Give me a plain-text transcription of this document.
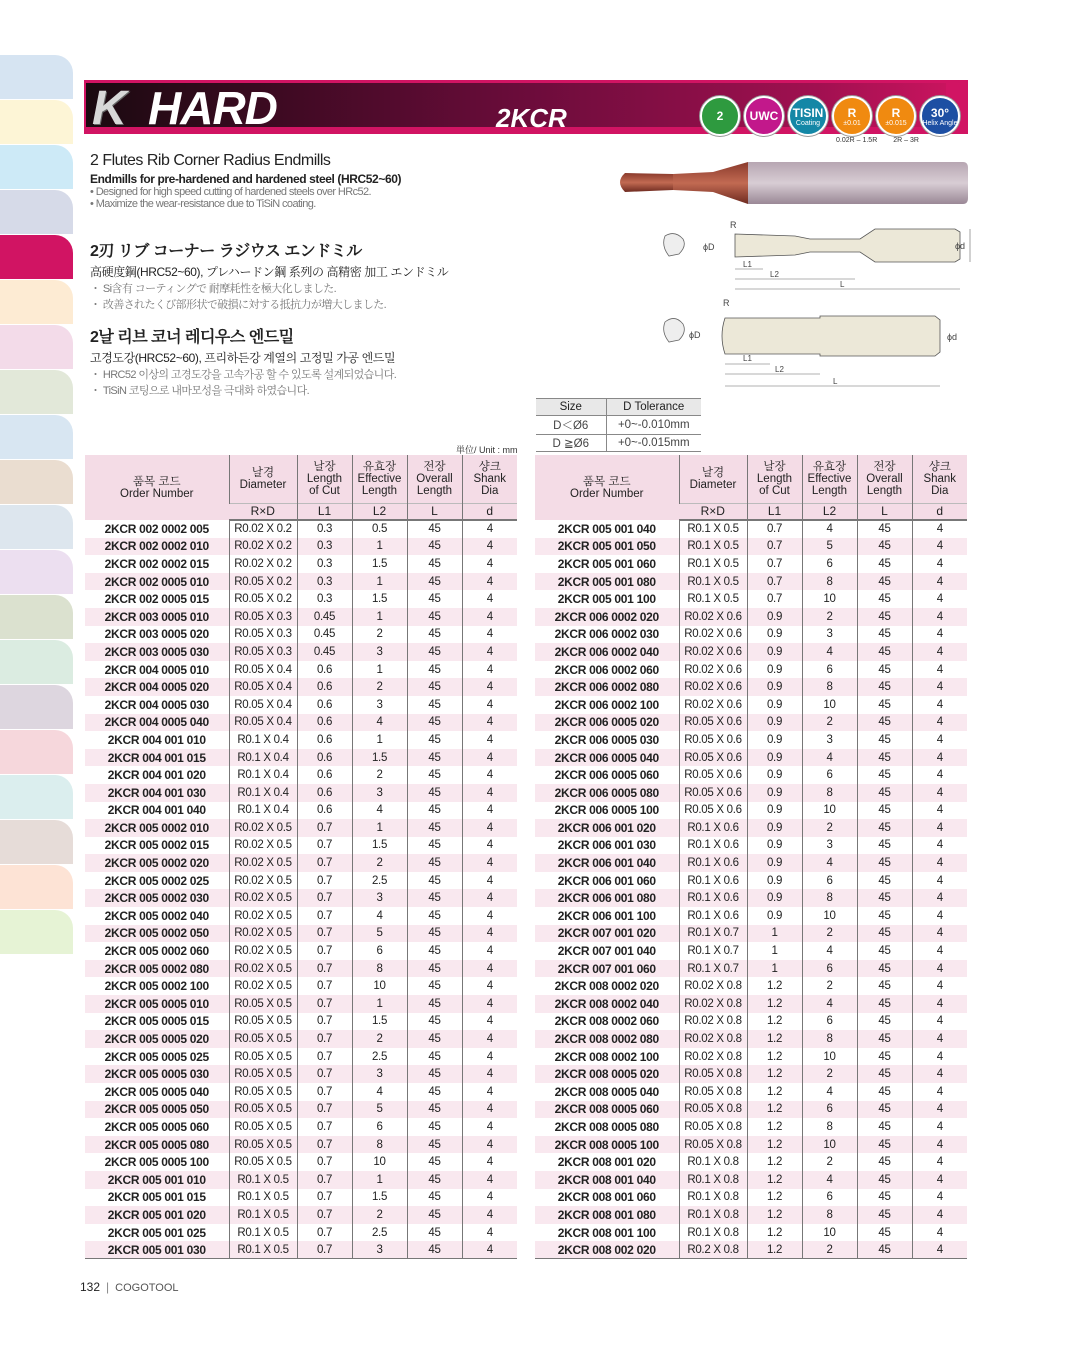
K HARD	2KCR	2 UWC TISIN
Coating
R
±0.01
R
±0.015
30°
Helix Angle
0.02R – 1.5R 2R – 3R
2 Flutes Rib Corner Radius Endmills
Endmills for pre-hardened and hardened steel (HRC52~60)
• Designed for high speed cutting of hardened steels over HRc52.
• Maximize the wear-resistance due to TiSiN coating.
2刃 リブ コーナー ラジウス エンドミル
高硬度鋼(HRC52~60), プレハードン鋼 系列の 高精密 加工 エンドミル
・ Si含有 コーティングで 耐摩耗性を極大化しました.
・ 改善されたくび部形状で破損に対する抵抗力が増大しました.
2날 리브 코너 레디우스 엔드밀
고경도강(HRC52~60), 프리하든강 계열의 고정밀 가공 엔드밀
・ HRC52 이상의 고경도강을 고속가공 할 수 있도록 설계되었습니다.
・ TiSiN 코팅으로 내마모성을 극대화 하였습니다.
R
ϕD
L1
L2
L
ϕd
R
ϕD
L1
L2
L
ϕd
Size	D Tolerance
D＜Ø6	+0~-0.010mm
D ≧Ø6	+0~-0.015mm
単位/ Unit : mm
품목 코드
Order Number	날경
Diameter	날장
Length
of Cut	유효장
Effective
Length	전장
Overall
Length	샹크
Shank
Dia
	R×D	L1	L2	L	d
2KCR 002 0002 005	R0.02 X 0.2	0.3	0.5	45	4
2KCR 002 0002 010	R0.02 X 0.2	0.3	1	45	4
2KCR 002 0002 015	R0.02 X 0.2	0.3	1.5	45	4
2KCR 002 0005 010	R0.05 X 0.2	0.3	1	45	4
2KCR 002 0005 015	R0.05 X 0.2	0.3	1.5	45	4
2KCR 003 0005 010	R0.05 X 0.3	0.45	1	45	4
2KCR 003 0005 020	R0.05 X 0.3	0.45	2	45	4
2KCR 003 0005 030	R0.05 X 0.3	0.45	3	45	4
2KCR 004 0005 010	R0.05 X 0.4	0.6	1	45	4
2KCR 004 0005 020	R0.05 X 0.4	0.6	2	45	4
2KCR 004 0005 030	R0.05 X 0.4	0.6	3	45	4
2KCR 004 0005 040	R0.05 X 0.4	0.6	4	45	4
2KCR 004 001 010	R0.1 X 0.4	0.6	1	45	4
2KCR 004 001 015	R0.1 X 0.4	0.6	1.5	45	4
2KCR 004 001 020	R0.1 X 0.4	0.6	2	45	4
2KCR 004 001 030	R0.1 X 0.4	0.6	3	45	4
2KCR 004 001 040	R0.1 X 0.4	0.6	4	45	4
2KCR 005 0002 010	R0.02 X 0.5	0.7	1	45	4
2KCR 005 0002 015	R0.02 X 0.5	0.7	1.5	45	4
2KCR 005 0002 020	R0.02 X 0.5	0.7	2	45	4
2KCR 005 0002 025	R0.02 X 0.5	0.7	2.5	45	4
2KCR 005 0002 030	R0.02 X 0.5	0.7	3	45	4
2KCR 005 0002 040	R0.02 X 0.5	0.7	4	45	4
2KCR 005 0002 050	R0.02 X 0.5	0.7	5	45	4
2KCR 005 0002 060	R0.02 X 0.5	0.7	6	45	4
2KCR 005 0002 080	R0.02 X 0.5	0.7	8	45	4
2KCR 005 0002 100	R0.02 X 0.5	0.7	10	45	4
2KCR 005 0005 010	R0.05 X 0.5	0.7	1	45	4
2KCR 005 0005 015	R0.05 X 0.5	0.7	1.5	45	4
2KCR 005 0005 020	R0.05 X 0.5	0.7	2	45	4
2KCR 005 0005 025	R0.05 X 0.5	0.7	2.5	45	4
2KCR 005 0005 030	R0.05 X 0.5	0.7	3	45	4
2KCR 005 0005 040	R0.05 X 0.5	0.7	4	45	4
2KCR 005 0005 050	R0.05 X 0.5	0.7	5	45	4
2KCR 005 0005 060	R0.05 X 0.5	0.7	6	45	4
2KCR 005 0005 080	R0.05 X 0.5	0.7	8	45	4
2KCR 005 0005 100	R0.05 X 0.5	0.7	10	45	4
2KCR 005 001 010	R0.1 X 0.5	0.7	1	45	4
2KCR 005 001 015	R0.1 X 0.5	0.7	1.5	45	4
2KCR 005 001 020	R0.1 X 0.5	0.7	2	45	4
2KCR 005 001 025	R0.1 X 0.5	0.7	2.5	45	4
2KCR 005 001 030	R0.1 X 0.5	0.7	3	45	4
품목 코드
Order Number	날경
Diameter	날장
Length
of Cut	유효장
Effective
Length	전장
Overall
Length	샹크
Shank
Dia
	R×D	L1	L2	L	d
2KCR 005 001 040	R0.1 X 0.5	0.7	4	45	4
2KCR 005 001 050	R0.1 X 0.5	0.7	5	45	4
2KCR 005 001 060	R0.1 X 0.5	0.7	6	45	4
2KCR 005 001 080	R0.1 X 0.5	0.7	8	45	4
2KCR 005 001 100	R0.1 X 0.5	0.7	10	45	4
2KCR 006 0002 020	R0.02 X 0.6	0.9	2	45	4
2KCR 006 0002 030	R0.02 X 0.6	0.9	3	45	4
2KCR 006 0002 040	R0.02 X 0.6	0.9	4	45	4
2KCR 006 0002 060	R0.02 X 0.6	0.9	6	45	4
2KCR 006 0002 080	R0.02 X 0.6	0.9	8	45	4
2KCR 006 0002 100	R0.02 X 0.6	0.9	10	45	4
2KCR 006 0005 020	R0.05 X 0.6	0.9	2	45	4
2KCR 006 0005 030	R0.05 X 0.6	0.9	3	45	4
2KCR 006 0005 040	R0.05 X 0.6	0.9	4	45	4
2KCR 006 0005 060	R0.05 X 0.6	0.9	6	45	4
2KCR 006 0005 080	R0.05 X 0.6	0.9	8	45	4
2KCR 006 0005 100	R0.05 X 0.6	0.9	10	45	4
2KCR 006 001 020	R0.1 X 0.6	0.9	2	45	4
2KCR 006 001 030	R0.1 X 0.6	0.9	3	45	4
2KCR 006 001 040	R0.1 X 0.6	0.9	4	45	4
2KCR 006 001 060	R0.1 X 0.6	0.9	6	45	4
2KCR 006 001 080	R0.1 X 0.6	0.9	8	45	4
2KCR 006 001 100	R0.1 X 0.6	0.9	10	45	4
2KCR 007 001 020	R0.1 X 0.7	1	2	45	4
2KCR 007 001 040	R0.1 X 0.7	1	4	45	4
2KCR 007 001 060	R0.1 X 0.7	1	6	45	4
2KCR 008 0002 020	R0.02 X 0.8	1.2	2	45	4
2KCR 008 0002 040	R0.02 X 0.8	1.2	4	45	4
2KCR 008 0002 060	R0.02 X 0.8	1.2	6	45	4
2KCR 008 0002 080	R0.02 X 0.8	1.2	8	45	4
2KCR 008 0002 100	R0.02 X 0.8	1.2	10	45	4
2KCR 008 0005 020	R0.05 X 0.8	1.2	2	45	4
2KCR 008 0005 040	R0.05 X 0.8	1.2	4	45	4
2KCR 008 0005 060	R0.05 X 0.8	1.2	6	45	4
2KCR 008 0005 080	R0.05 X 0.8	1.2	8	45	4
2KCR 008 0005 100	R0.05 X 0.8	1.2	10	45	4
2KCR 008 001 020	R0.1 X 0.8	1.2	2	45	4
2KCR 008 001 040	R0.1 X 0.8	1.2	4	45	4
2KCR 008 001 060	R0.1 X 0.8	1.2	6	45	4
2KCR 008 001 080	R0.1 X 0.8	1.2	8	45	4
2KCR 008 001 100	R0.1 X 0.8	1.2	10	45	4
2KCR 008 002 020	R0.2 X 0.8	1.2	2	45	4
132 | COGOTOOL
